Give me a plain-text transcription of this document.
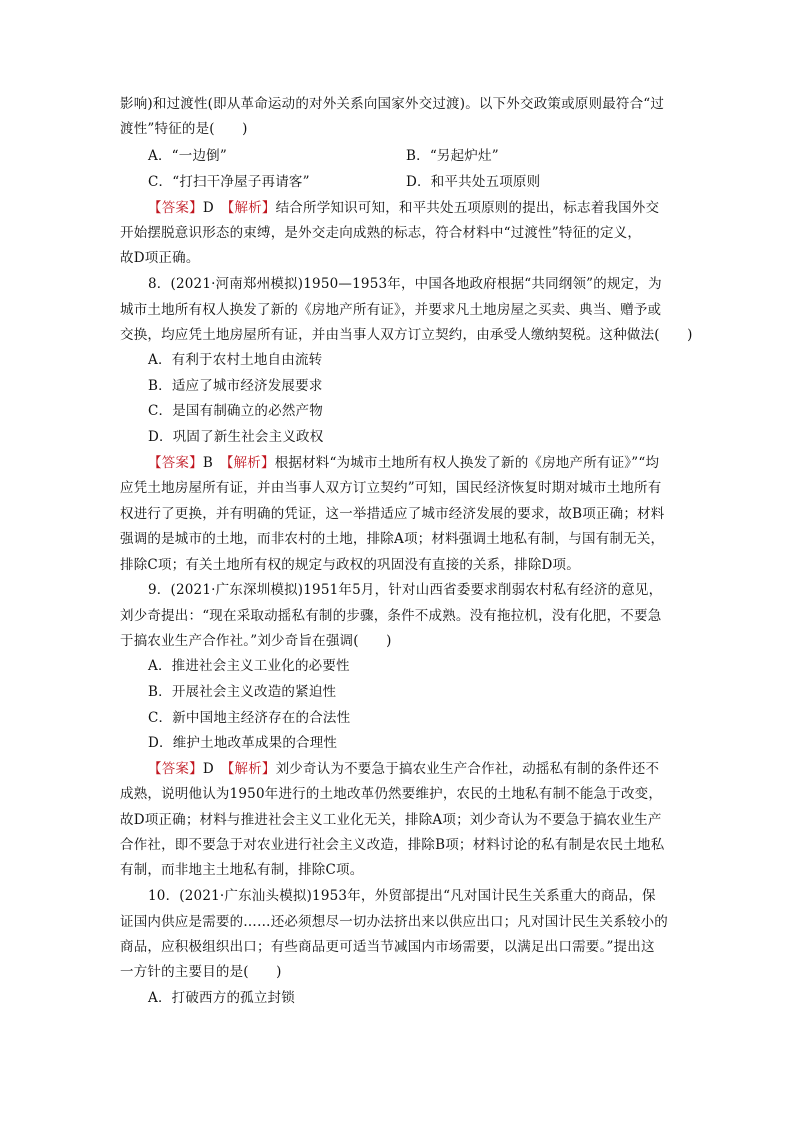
影响)和过渡性(即从革命运动的对外关系向国家外交过渡)。以下外交政策或原则最符合“过
渡性”特征的是(　　)
A．“一边倒”	B．“另起炉灶”
C．“打扫干净屋子再请客”	D．和平共处五项原则
【答案】D　【解析】结合所学知识可知，和平共处五项原则的提出，标志着我国外交
开始摆脱意识形态的束缚，是外交走向成熟的标志，符合材料中“过渡性”特征的定义，
故D项正确。
8．(2021·河南郑州模拟)1950—1953年，中国各地政府根据“共同纲领”的规定，为
城市土地所有权人换发了新的《房地产所有证》，并要求凡土地房屋之买卖、典当、赠予或
交换，均应凭土地房屋所有证，并由当事人双方订立契约，由承受人缴纳契税。这种做法(　　)
A．有利于农村土地自由流转
B．适应了城市经济发展要求
C．是国有制确立的必然产物
D．巩固了新生社会主义政权
【答案】B　【解析】根据材料“为城市土地所有权人换发了新的《房地产所有证》”“均
应凭土地房屋所有证，并由当事人双方订立契约”可知，国民经济恢复时期对城市土地所有
权进行了更换，并有明确的凭证，这一举措适应了城市经济发展的要求，故B项正确；材料
强调的是城市的土地，而非农村的土地，排除A项；材料强调土地私有制，与国有制无关，
排除C项；有关土地所有权的规定与政权的巩固没有直接的关系，排除D项。
9．(2021·广东深圳模拟)1951年5月，针对山西省委要求削弱农村私有经济的意见，
刘少奇提出：“现在采取动摇私有制的步骤，条件不成熟。没有拖拉机，没有化肥，不要急
于搞农业生产合作社。”刘少奇旨在强调(　　)
A．推进社会主义工业化的必要性
B．开展社会主义改造的紧迫性
C．新中国地主经济存在的合法性
D．维护土地改革成果的合理性
【答案】D　【解析】刘少奇认为不要急于搞农业生产合作社，动摇私有制的条件还不
成熟，说明他认为1950年进行的土地改革仍然要维护，农民的土地私有制不能急于改变，
故D项正确；材料与推进社会主义工业化无关，排除A项；刘少奇认为不要急于搞农业生产
合作社，即不要急于对农业进行社会主义改造，排除B项；材料讨论的私有制是农民土地私
有制，而非地主土地私有制，排除C项。
10．(2021·广东汕头模拟)1953年，外贸部提出“凡对国计民生关系重大的商品，保
证国内供应是需要的……还必须想尽一切办法挤出来以供应出口；凡对国计民生关系较小的
商品，应积极组织出口；有些商品更可适当节减国内市场需要，以满足出口需要。”提出这
一方针的主要目的是(　　)
A．打破西方的孤立封锁
